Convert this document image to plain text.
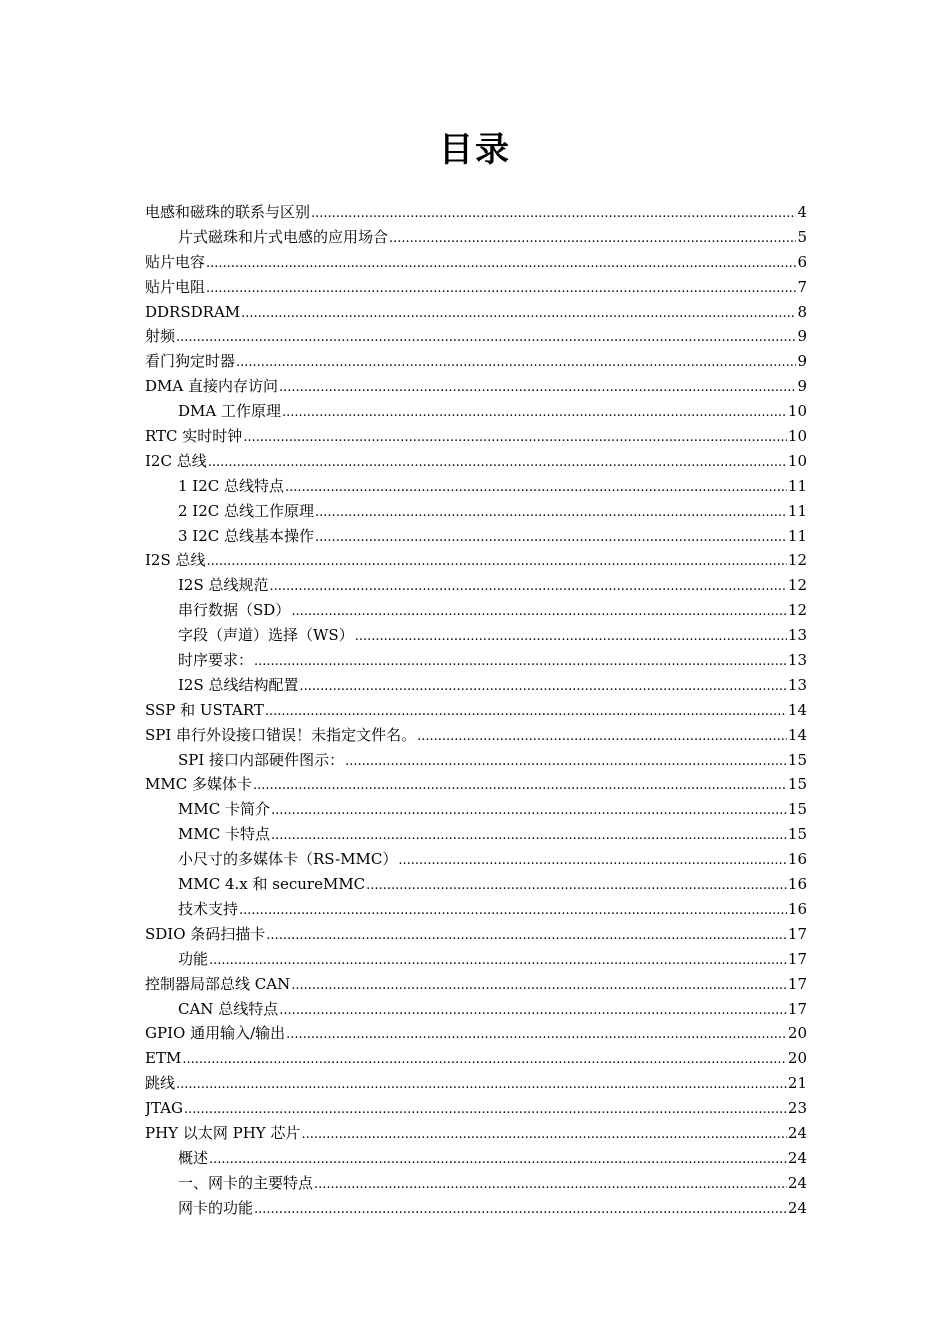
目录
电感和磁珠的联系与区别 .....	4
片式磁珠和片式电感的应用场合 .....	5
贴片电容 .....	6
贴片电阻 .....	7
DDRSDRAM .....	8
射频 .....	9
看门狗定时器 .....	9
DMA 直接内存访问 .....	9
DMA 工作原理 .....	10
RTC 实时时钟 .....	10
I2C 总线 .....	10
1 I2C 总线特点 .....	11
2 I2C 总线工作原理 .....	11
3 I2C 总线基本操作 .....	11
I2S 总线 .....	12
I2S 总线规范 .....	12
串行数据（SD） .....	12
字段（声道）选择（WS） .....	13
时序要求： .....	13
I2S 总线结构配置 .....	13
SSP 和 USTART .....	14
SPI 串行外设接口错误！未指定文件名。 .....	14
SPI 接口内部硬件图示： .....	15
MMC 多媒体卡 .....	15
MMC 卡简介 .....	15
MMC 卡特点 .....	15
小尺寸的多媒体卡（RS-MMC） .....	16
MMC 4.x 和 secureMMC .....	16
技术支持 .....	16
SDIO 条码扫描卡 .....	17
功能 .....	17
控制器局部总线 CAN .....	17
CAN 总线特点 .....	17
GPIO 通用输入/输出 .....	20
ETM .....	20
跳线 .....	21
JTAG .....	23
PHY 以太网 PHY 芯片 .....	24
概述 .....	24
一、网卡的主要特点 .....	24
网卡的功能 .....	24
